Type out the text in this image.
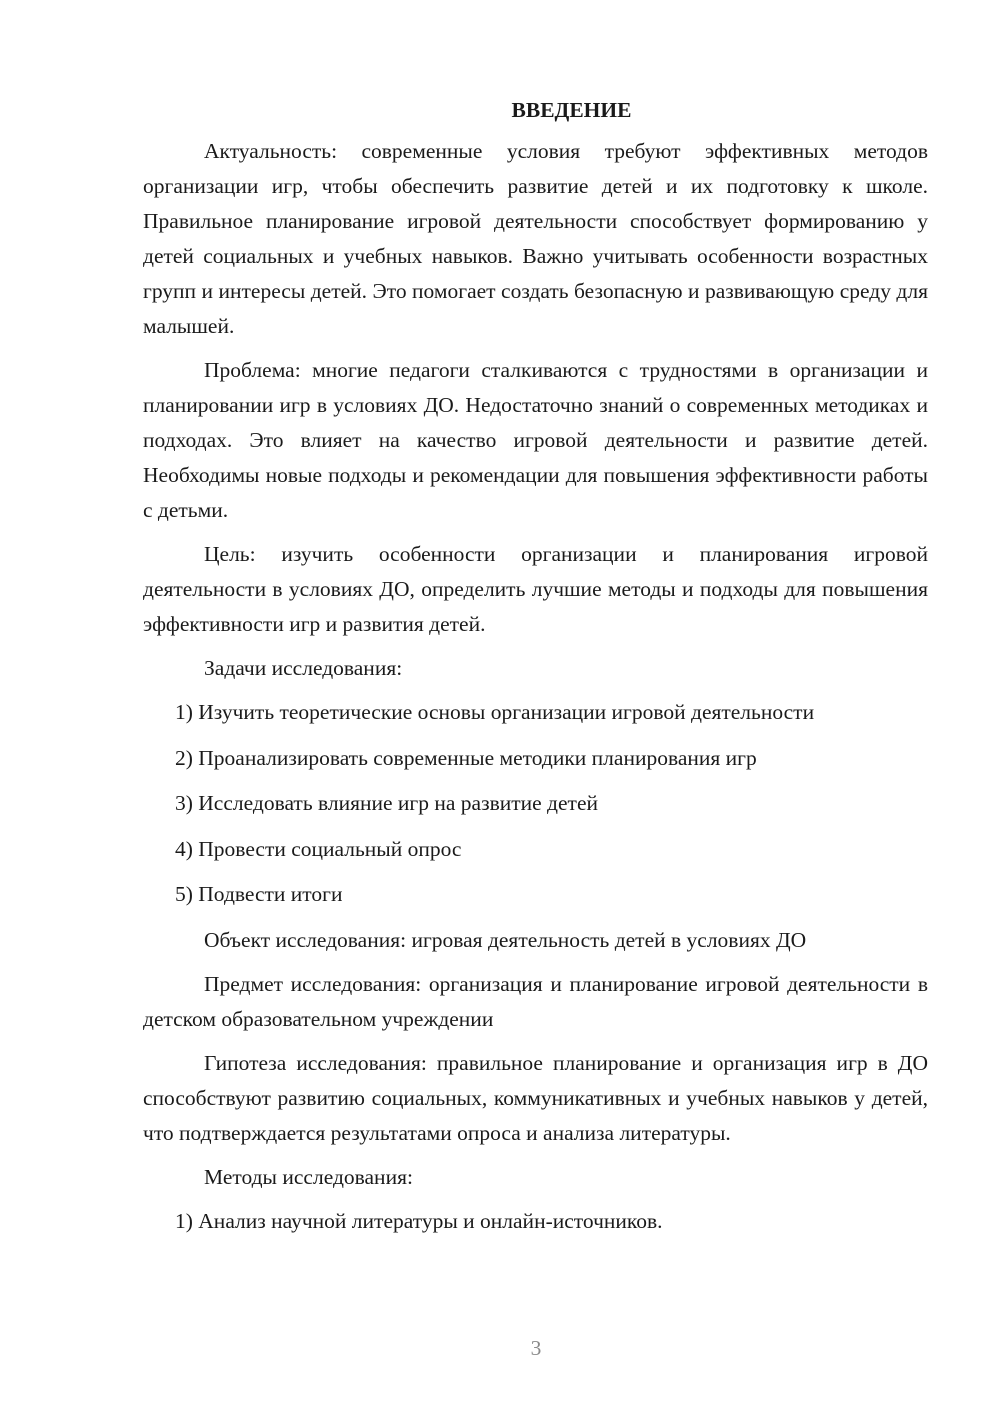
ВВЕДЕНИЕ

Актуальность: современные условия требуют эффективных методов организации игр, чтобы обеспечить развитие детей и их подготовку к школе. Правильное планирование игровой деятельности способствует формированию у детей социальных и учебных навыков. Важно учитывать особенности возрастных групп и интересы детей. Это помогает создать безопасную и развивающую среду для малышей.

Проблема: многие педагоги сталкиваются с трудностями в организации и планировании игр в условиях ДО. Недостаточно знаний о современных методиках и подходах. Это влияет на качество игровой деятельности и развитие детей. Необходимы новые подходы и рекомендации для повышения эффективности работы с детьми.

Цель: изучить особенности организации и планирования игровой деятельности в условиях ДО, определить лучшие методы и подходы для повышения эффективности игр и развития детей.

Задачи исследования:

1) Изучить теоретические основы организации игровой деятельности

2) Проанализировать современные методики планирования игр

3) Исследовать влияние игр на развитие детей

4) Провести социальный опрос

5) Подвести итоги

Объект исследования: игровая деятельность детей в условиях ДО

Предмет исследования: организация и планирование игровой деятельности в детском образовательном учреждении

Гипотеза исследования: правильное планирование и организация игр в ДО способствуют развитию социальных, коммуникативных и учебных навыков у детей, что подтверждается результатами опроса и анализа литературы.

Методы исследования:

1) Анализ научной литературы и онлайн-источников.

3
